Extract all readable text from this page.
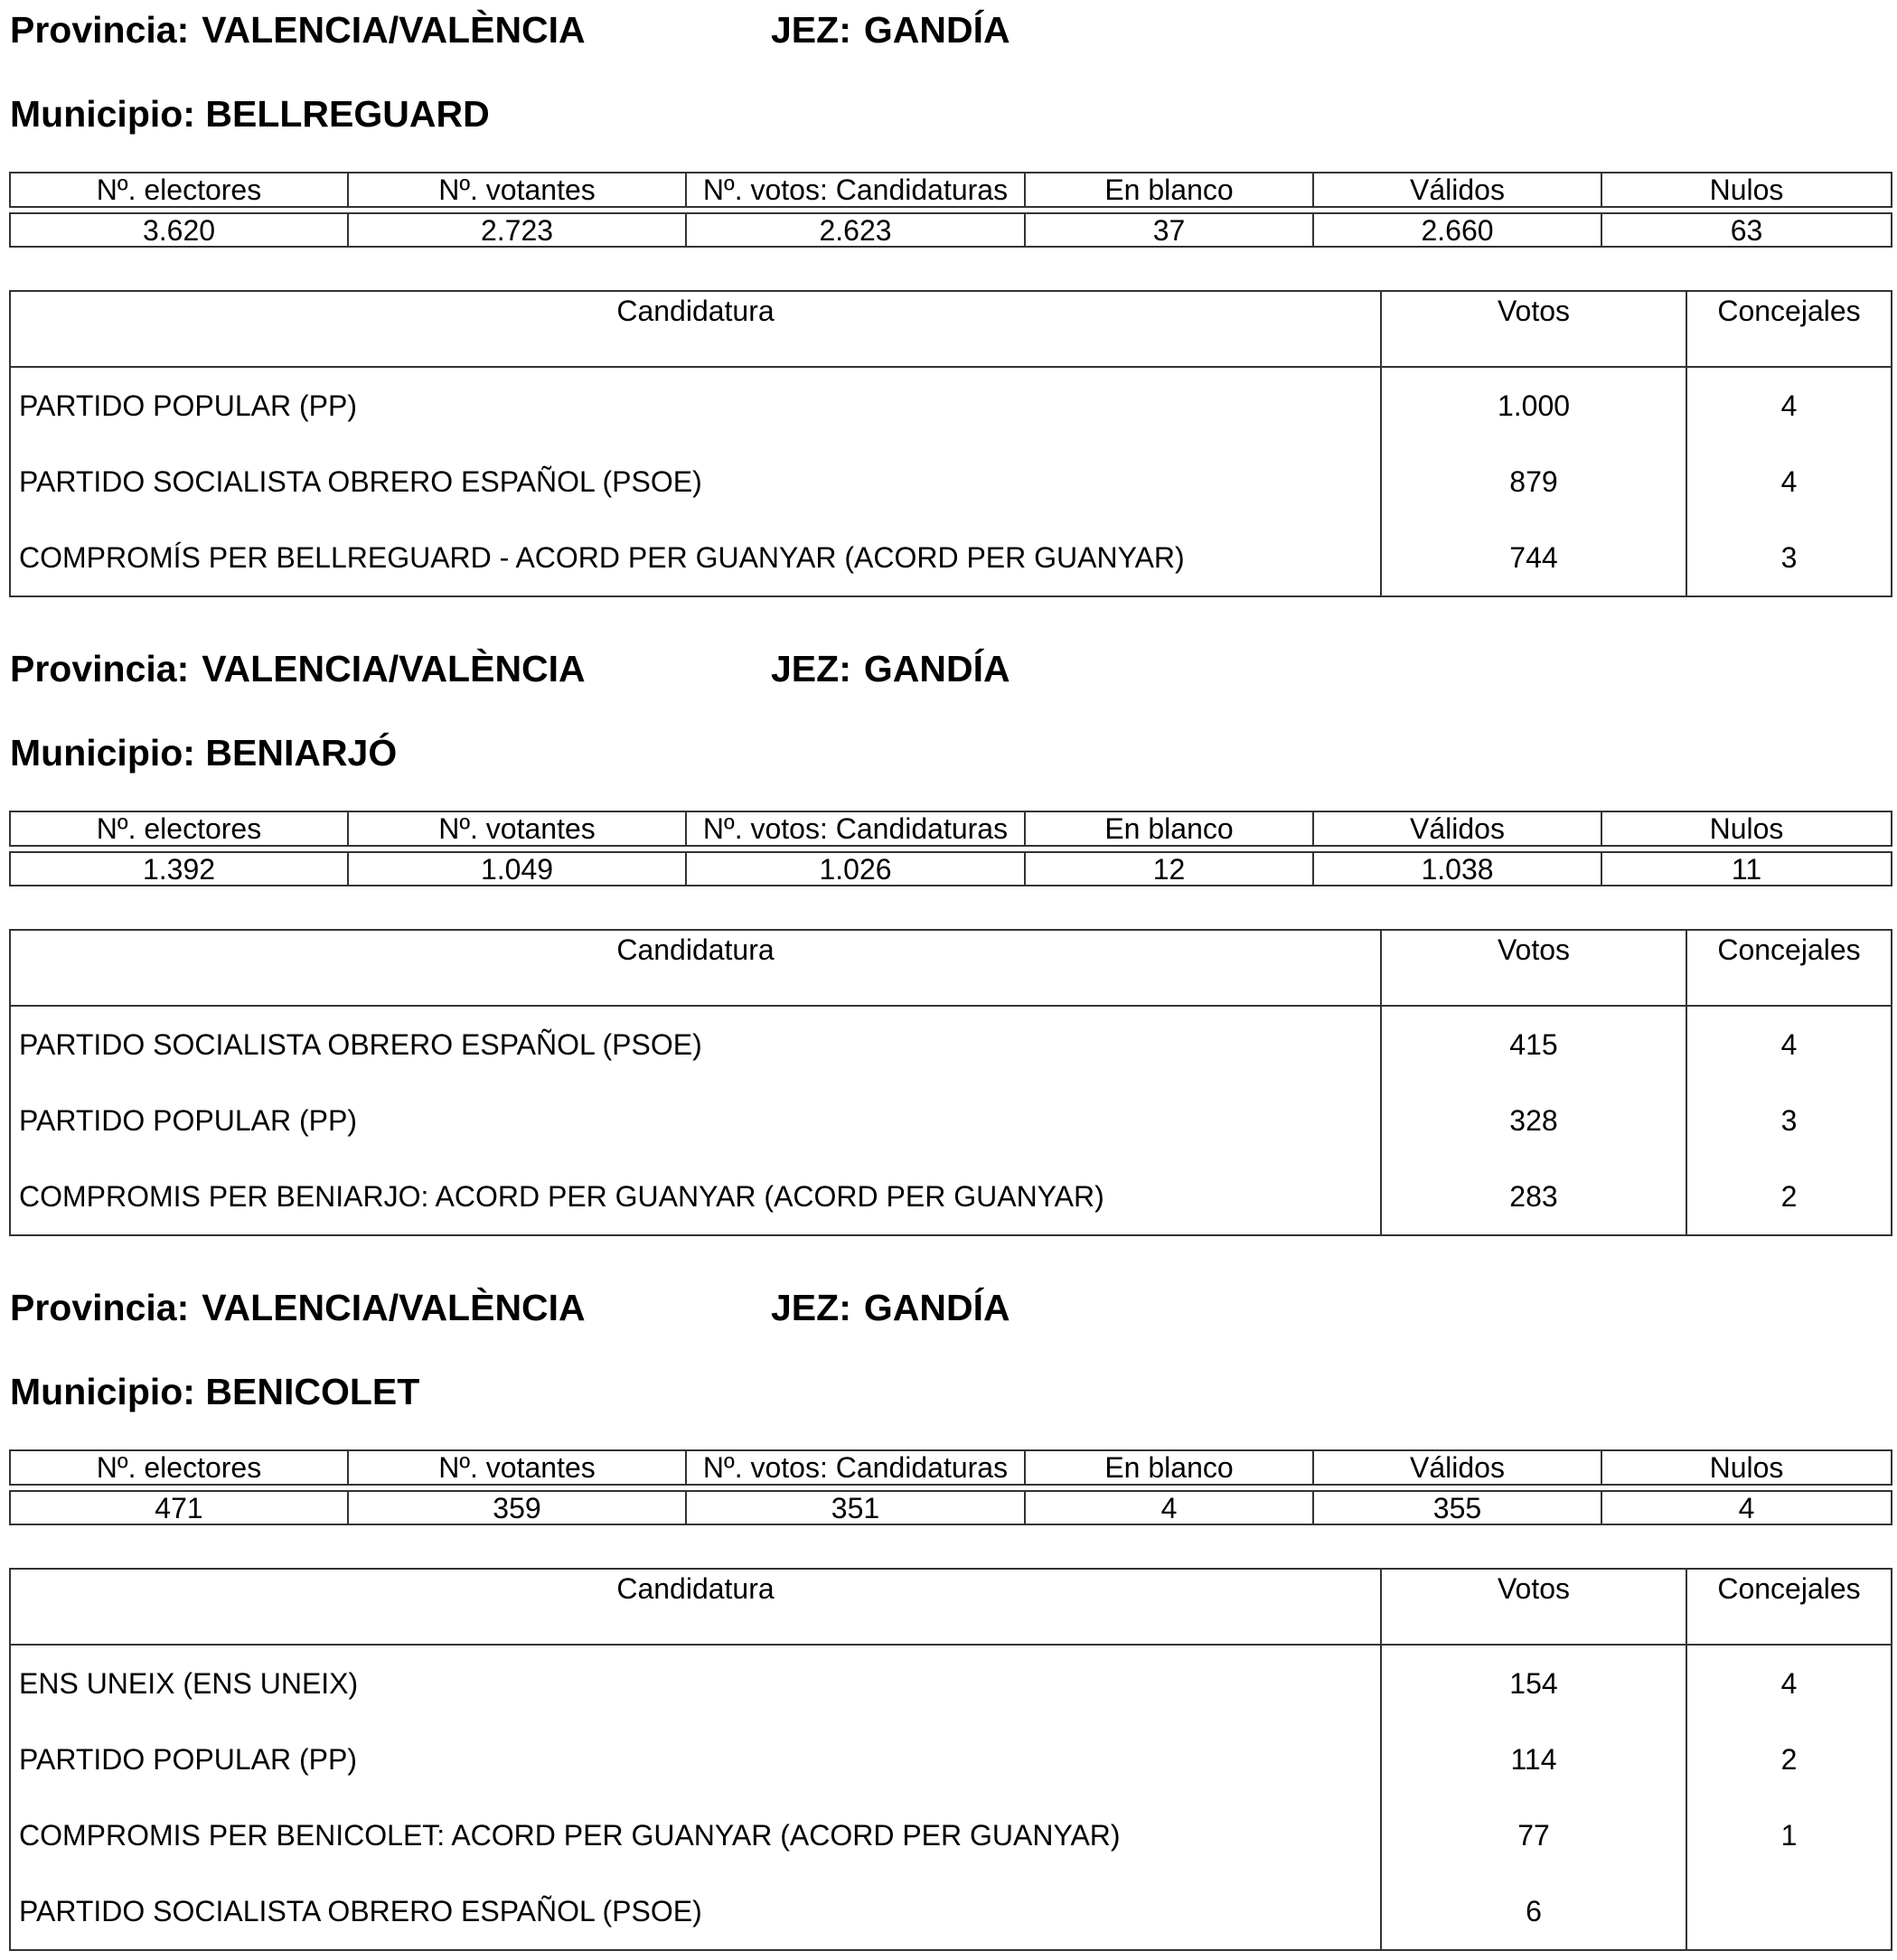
Provincia: VALENCIA/VALÈNCIA	JEZ: GANDÍA
Municipio: BELLREGUARD
Nº. electores	Nº. votantes	Nº. votos: Candidaturas	En blanco	Válidos	Nulos

3.620	2.723	2.623	37	2.660	63
Candidatura	Votos	Concejales
PARTIDO POPULAR (PP)	1.000	4
PARTIDO SOCIALISTA OBRERO ESPAÑOL (PSOE)	879	4
COMPROMÍS PER BELLREGUARD - ACORD PER GUANYAR (ACORD PER GUANYAR)	744	3
Provincia: VALENCIA/VALÈNCIA	JEZ: GANDÍA
Municipio: BENIARJÓ
Nº. electores	Nº. votantes	Nº. votos: Candidaturas	En blanco	Válidos	Nulos

1.392	1.049	1.026	12	1.038	11
Candidatura	Votos	Concejales
PARTIDO SOCIALISTA OBRERO ESPAÑOL (PSOE)	415	4
PARTIDO POPULAR (PP)	328	3
COMPROMIS PER BENIARJO: ACORD PER GUANYAR (ACORD PER GUANYAR)	283	2
Provincia: VALENCIA/VALÈNCIA	JEZ: GANDÍA
Municipio: BENICOLET
Nº. electores	Nº. votantes	Nº. votos: Candidaturas	En blanco	Válidos	Nulos

471	359	351	4	355	4
Candidatura	Votos	Concejales
ENS UNEIX (ENS UNEIX)	154	4
PARTIDO POPULAR (PP)	114	2
COMPROMIS PER BENICOLET: ACORD PER GUANYAR (ACORD PER GUANYAR)	77	1
PARTIDO SOCIALISTA OBRERO ESPAÑOL (PSOE)	6	
